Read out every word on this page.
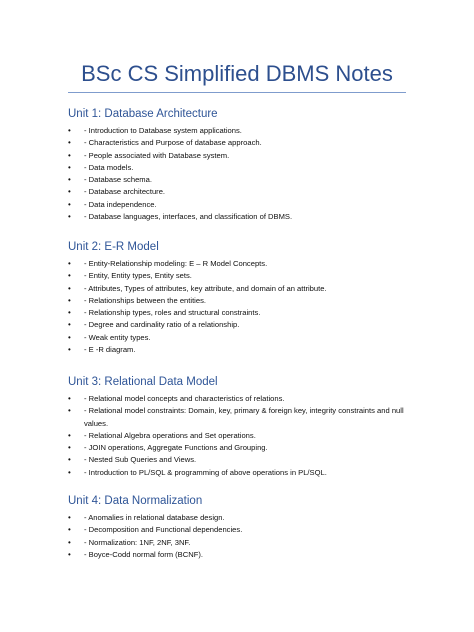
BSc CS Simplified DBMS Notes
Unit 1: Database Architecture
• - Introduction to Database system applications.
• - Characteristics and Purpose of database approach.
• - People associated with Database system.
• - Data models.
• - Database schema.
• - Database architecture.
• - Data independence.
• - Database languages, interfaces, and classification of DBMS.
Unit 2: E-R Model
• - Entity-Relationship modeling: E – R Model Concepts.
• - Entity, Entity types, Entity sets.
• - Attributes, Types of attributes, key attribute, and domain of an attribute.
• - Relationships between the entities.
• - Relationship types, roles and structural constraints.
• - Degree and cardinality ratio of a relationship.
• - Weak entity types.
• - E -R diagram.
Unit 3: Relational Data Model
• - Relational model concepts and characteristics of relations.
• - Relational model constraints: Domain, key, primary & foreign key, integrity constraints and null values.
• - Relational Algebra operations and Set operations.
• - JOIN operations, Aggregate Functions and Grouping.
• - Nested Sub Queries and Views.
• - Introduction to PL/SQL & programming of above operations in PL/SQL.
Unit 4: Data Normalization
• - Anomalies in relational database design.
• - Decomposition and Functional dependencies.
• - Normalization: 1NF, 2NF, 3NF.
• - Boyce-Codd normal form (BCNF).
